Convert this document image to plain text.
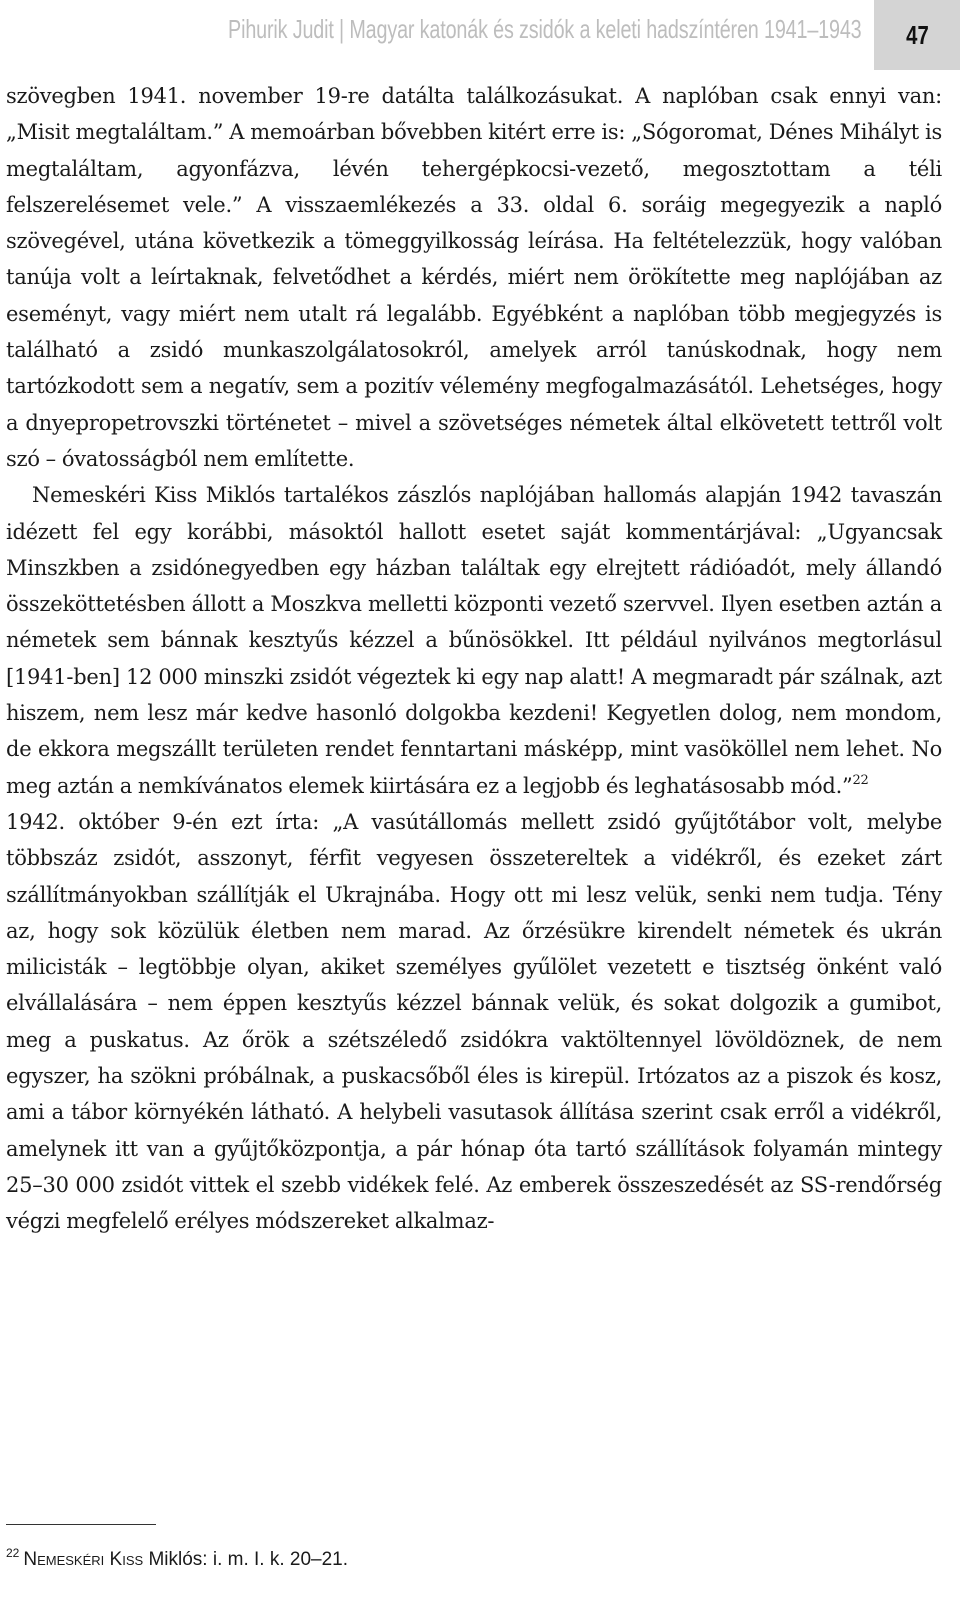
Pihurik Judit | Magyar katonák és zsidók a keleti hadszíntéren 1941–1943 47

szövegben 1941. november 19-re datálta találkozásukat. A naplóban csak ennyi van: „Misit megtaláltam.” A memoárban bővebben kitért erre is: „Sógoromat, Dénes Mihályt is megtaláltam, agyonfázva, lévén tehergépkocsi-vezető, megosztottam a téli felszerelésemet vele.” A visszaemlékezés a 33. oldal 6. soráig megegyezik a napló szövegével, utána következik a tömeggyilkosság leírása. Ha feltételezzük, hogy valóban tanúja volt a leírtaknak, felvetődhet a kérdés, miért nem örökítette meg naplójában az eseményt, vagy miért nem utalt rá legalább. Egyébként a naplóban több megjegyzés is található a zsidó munkaszolgálatosokról, amelyek arról tanúskodnak, hogy nem tartózkodott sem a negatív, sem a pozitív vélemény megfogalmazásától. Lehetséges, hogy a dnyepropetrovszki történetet – mivel a szövetséges németek által elkövetett tettről volt szó – óvatosságból nem említette.

Nemeskéri Kiss Miklós tartalékos zászlós naplójában hallomás alapján 1942 tavaszán idézett fel egy korábbi, másoktól hallott esetet saját kommentárjával: „Ugyancsak Minszkben a zsidónegyedben egy házban találtak egy elrejtett rádióadót, mely állandó összeköttetésben állott a Moszkva melletti központi vezető szervvel. Ilyen esetben aztán a németek sem bánnak kesztyűs kézzel a bűnösökkel. Itt például nyilvános megtorlásul [1941-ben] 12 000 minszki zsidót végeztek ki egy nap alatt! A megmaradt pár szálnak, azt hiszem, nem lesz már kedve hasonló dolgokba kezdeni! Kegyetlen dolog, nem mondom, de ekkora megszállt területen rendet fenntartani másképp, mint vasököllel nem lehet. No meg aztán a nemkívánatos elemek kiirtására ez a legjobb és leghatásosabb mód.”$^{22}$

1942. október 9-én ezt írta: „A vasútállomás mellett zsidó gyűjtőtábor volt, melybe többszáz zsidót, asszonyt, férfit vegyesen összetereltek a vidékről, és ezeket zárt szállítmányokban szállítják el Ukrajnába. Hogy ott mi lesz velük, senki nem tudja. Tény az, hogy sok közülük életben nem marad. Az őrzésükre kirendelt németek és ukrán milicisták – legtöbbje olyan, akiket személyes gyűlölet vezetett e tisztség önként való elvállalására – nem éppen kesztyűs kézzel bánnak velük, és sokat dolgozik a gumibot, meg a puskatus. Az őrök a szétszéledő zsidókra vaktöltennyel lövöldöznek, de nem egyszer, ha szökni próbálnak, a puskacsőből éles is kirepül. Irtózatos az a piszok és kosz, ami a tábor környékén látható. A helybeli vasutasok állítása szerint csak erről a vidékről, amelynek itt van a gyűjtőközpontja, a pár hónap óta tartó szállítások folyamán mintegy 25–30 000 zsidót vittek el szebb vidékek felé. Az emberek összeszedését az SS-rendőrség végzi megfelelő erélyes módszereket alkalmaz-

$^{22}$ Nemeskéri Kiss Miklós: i. m. I. k. 20–21.
